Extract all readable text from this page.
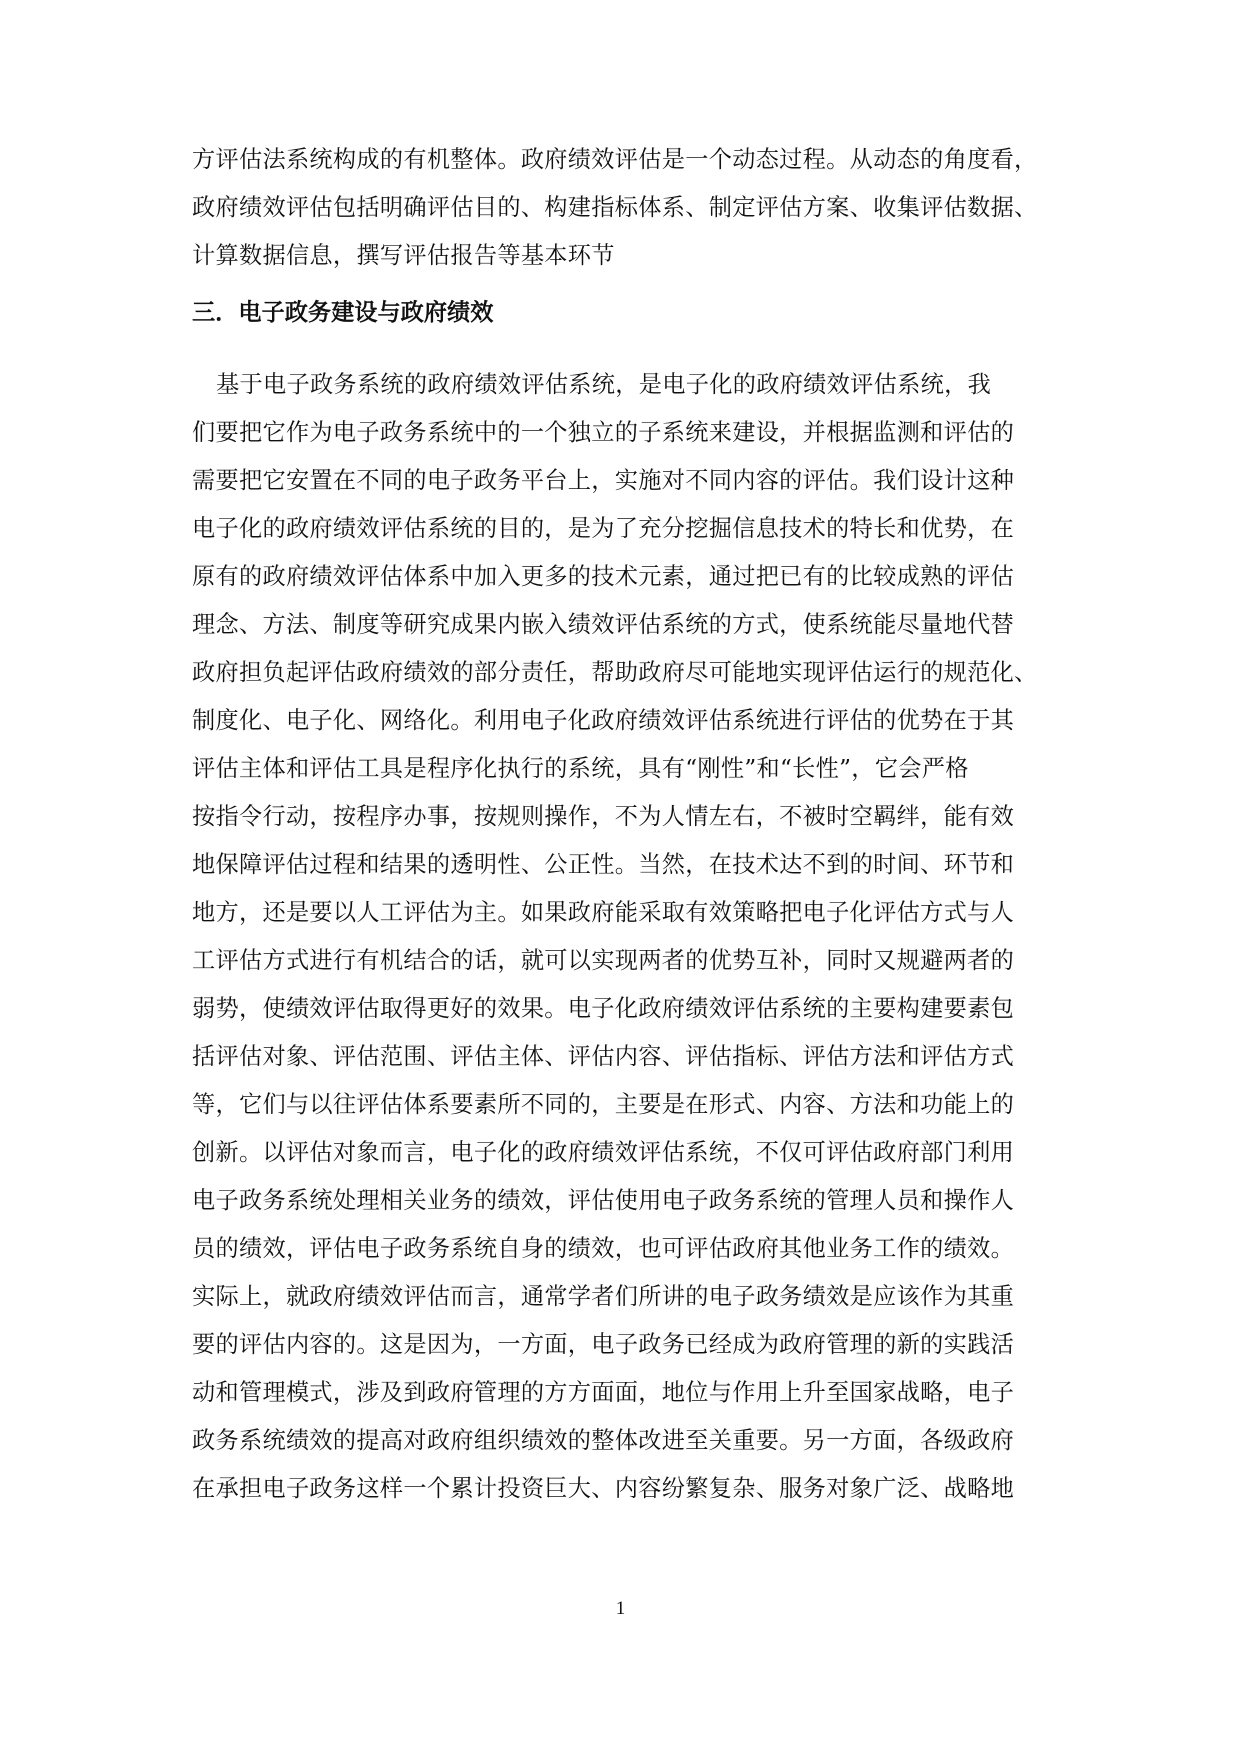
方评估法系统构成的有机整体。政府绩效评估是一个动态过程。从动态的角度看，
政府绩效评估包括明确评估目的、构建指标体系、制定评估方案、收集评估数据、
计算数据信息，撰写评估报告等基本环节
三．电子政务建设与政府绩效
基于电子政务系统的政府绩效评估系统，是电子化的政府绩效评估系统，我
们要把它作为电子政务系统中的一个独立的子系统来建设，并根据监测和评估的
需要把它安置在不同的电子政务平台上，实施对不同内容的评估。我们设计这种
电子化的政府绩效评估系统的目的，是为了充分挖掘信息技术的特长和优势，在
原有的政府绩效评估体系中加入更多的技术元素，通过把已有的比较成熟的评估
理念、方法、制度等研究成果内嵌入绩效评估系统的方式，使系统能尽量地代替
政府担负起评估政府绩效的部分责任，帮助政府尽可能地实现评估运行的规范化、
制度化、电子化、网络化。利用电子化政府绩效评估系统进行评估的优势在于其
评估主体和评估工具是程序化执行的系统，具有“刚性”和“长性”，它会严格
按指令行动，按程序办事，按规则操作，不为人情左右，不被时空羁绊，能有效
地保障评估过程和结果的透明性、公正性。当然，在技术达不到的时间、环节和
地方，还是要以人工评估为主。如果政府能采取有效策略把电子化评估方式与人
工评估方式进行有机结合的话，就可以实现两者的优势互补，同时又规避两者的
弱势，使绩效评估取得更好的效果。电子化政府绩效评估系统的主要构建要素包
括评估对象、评估范围、评估主体、评估内容、评估指标、评估方法和评估方式
等，它们与以往评估体系要素所不同的，主要是在形式、内容、方法和功能上的
创新。以评估对象而言，电子化的政府绩效评估系统，不仅可评估政府部门利用
电子政务系统处理相关业务的绩效，评估使用电子政务系统的管理人员和操作人
员的绩效，评估电子政务系统自身的绩效，也可评估政府其他业务工作的绩效。
实际上，就政府绩效评估而言，通常学者们所讲的电子政务绩效是应该作为其重
要的评估内容的。这是因为，一方面，电子政务已经成为政府管理的新的实践活
动和管理模式，涉及到政府管理的方方面面，地位与作用上升至国家战略，电子
政务系统绩效的提高对政府组织绩效的整体改进至关重要。另一方面，各级政府
在承担电子政务这样一个累计投资巨大、内容纷繁复杂、服务对象广泛、战略地
1
